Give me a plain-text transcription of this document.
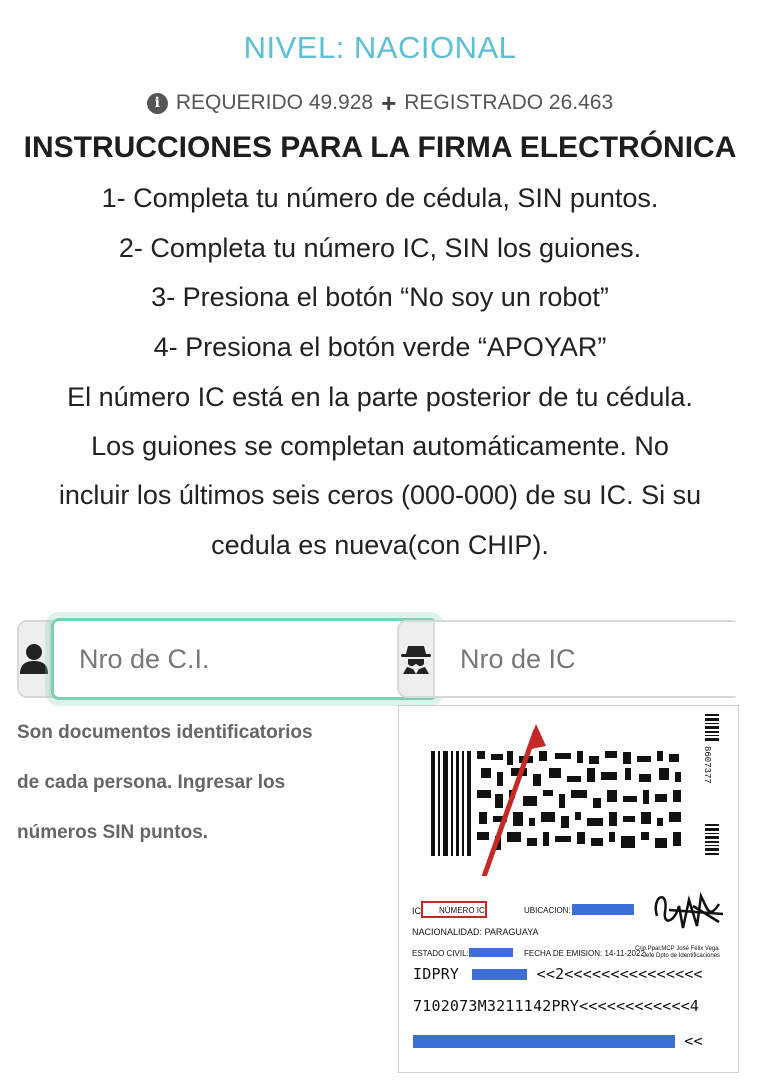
NIVEL: NACIONAL
i REQUERIDO 49.928 + REGISTRADO 26.463
INSTRUCCIONES PARA LA FIRMA ELECTRÓNICA
1- Completa tu número de cédula, SIN puntos.
2- Completa tu número IC, SIN los guiones.
3- Presiona el botón “No soy un robot”
4- Presiona el botón verde “APOYAR”
El número IC está en la parte posterior de tu cédula.
Los guiones se completan automáticamente. No
incluir los últimos seis ceros (000-000) de su IC. Si su
cedula es nueva(con CHIP).
Nro de C.I.
Nro de IC
Son documentos identificatorios
de cada persona. Ingresar los
números SIN puntos.
8607377
IC NÚMERO IC	UBICACION:
NACIONALIDAD: PARAGUAYA
ESTADO CIVIL:	FECHA DE EMISION: 14-11-2022
Crio.Ppal.MCP José Félix Vega
Jefe Dpto de Identificaciones
IDPRY	<<2<<<<<<<<<<<<<<<
7102073M3211142PRY<<<<<<<<<<<<4
<<
